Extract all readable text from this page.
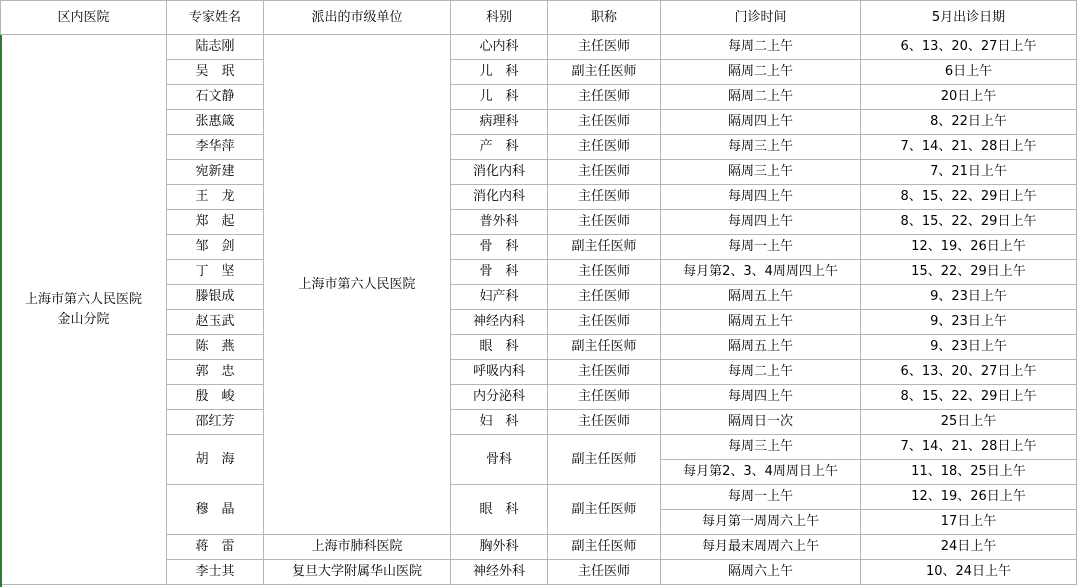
区内医院	专家姓名	派出的市级单位	科别	职称	门诊时间	5月出诊日期

上海市第六人民医院
金山分院	陆志刚	上海市第六人民医院	心内科	主任医师	每周二上午	6、13、20、27日上午
	吴　珉		儿　科	副主任医师	隔周二上午	6日上午
	石文静		儿　科	主任医师	隔周二上午	20日上午
	张惠箴		病理科	主任医师	隔周四上午	8、22日上午
	李华萍		产　科	主任医师	每周三上午	7、14、21、28日上午
	宛新建		消化内科	主任医师	隔周三上午	7、21日上午
	王　龙		消化内科	主任医师	每周四上午	8、15、22、29日上午
	郑　起		普外科	主任医师	每周四上午	8、15、22、29日上午
	邹　剑		骨　科	副主任医师	每周一上午	12、19、26日上午
	丁　坚		骨　科	主任医师	每月第2、3、4周周四上午	15、22、29日上午
	滕银成		妇产科	主任医师	隔周五上午	9、23日上午
	赵玉武		神经内科	主任医师	隔周五上午	9、23日上午
	陈　燕		眼　科	副主任医师	隔周五上午	9、23日上午
	郭　忠		呼吸内科	主任医师	每周二上午	6、13、20、27日上午
	殷　峻		内分泌科	主任医师	每周四上午	8、15、22、29日上午
	邵红芳		妇　科	主任医师	隔周日一次	25日上午
	胡　海		骨科	副主任医师	每周三上午	7、14、21、28日上午
					每月第2、3、4周周日上午	11、18、25日上午
	穆　晶		眼　科	副主任医师	每周一上午	12、19、26日上午
					每月第一周周六上午	17日上午
	蒋　雷	上海市肺科医院	胸外科	副主任医师	每月最末周周六上午	24日上午
	李士其	复旦大学附属华山医院	神经外科	主任医师	隔周六上午	10、24日上午
